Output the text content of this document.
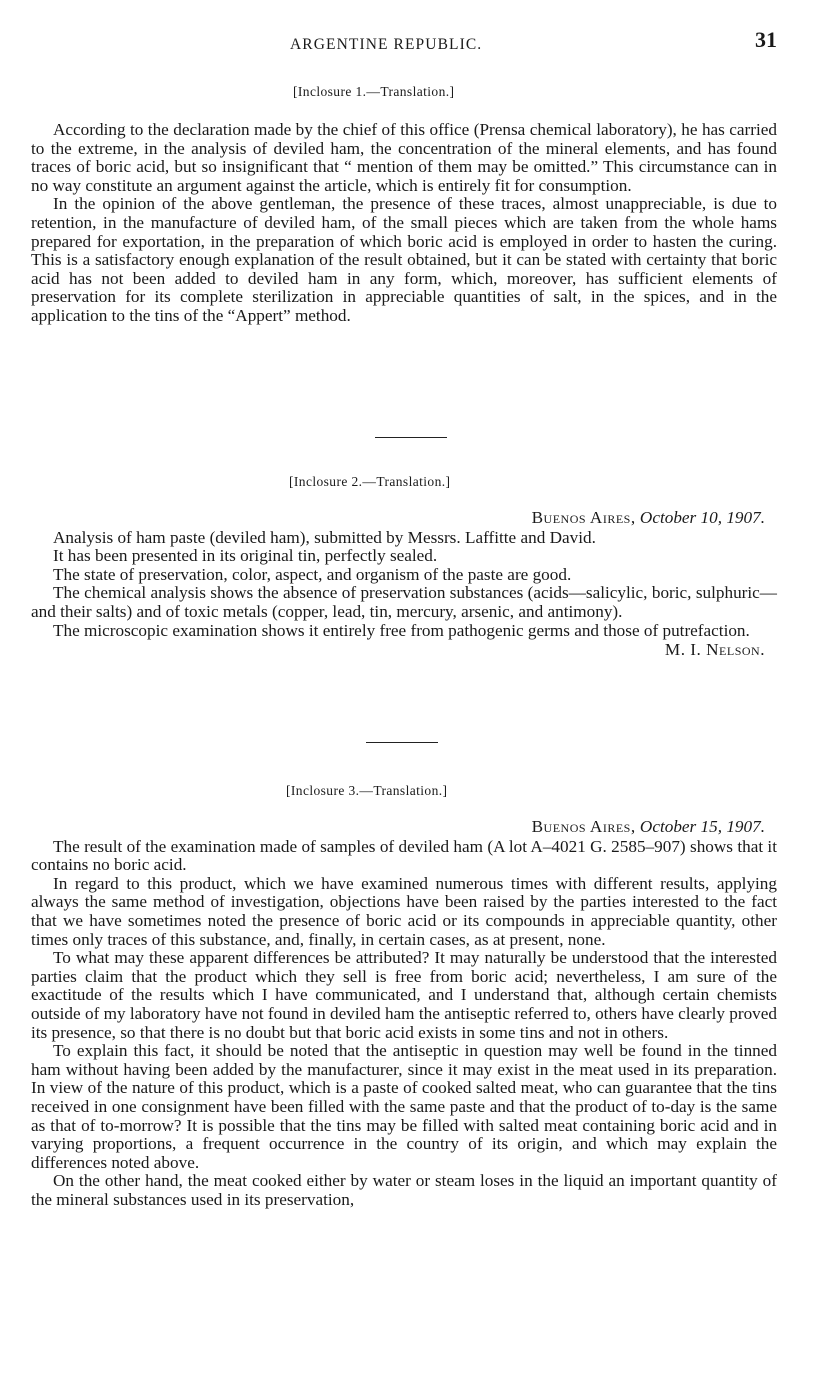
ARGENTINE REPUBLIC.	31
[Inclosure 1.—Translation.]

According to the declaration made by the chief of this office (Prensa chemical laboratory), he has carried to the extreme, in the analysis of deviled ham, the concentration of the mineral elements, and has found traces of boric acid, but so insignificant that “ mention of them may be omitted.” This circumstance can in no way constitute an argument against the article, which is entirely fit for consumption.

In the opinion of the above gentleman, the presence of these traces, almost unappreciable, is due to retention, in the manufacture of deviled ham, of the small pieces which are taken from the whole hams prepared for exportation, in the preparation of which boric acid is employed in order to hasten the curing. This is a satisfactory enough explanation of the result obtained, but it can be stated with certainty that boric acid has not been added to deviled ham in any form, which, moreover, has sufficient elements of preservation for its complete sterilization in appreciable quantities of salt, in the spices, and in the application to the tins of the “Appert” method.

[Inclosure 2.—Translation.]
Buenos Aires, October 10, 1907.

Analysis of ham paste (deviled ham), submitted by Messrs. Laffitte and David.

It has been presented in its original tin, perfectly sealed.

The state of preservation, color, aspect, and organism of the paste are good.

The chemical analysis shows the absence of preservation substances (acids—salicylic, boric, sulphuric—and their salts) and of toxic metals (copper, lead, tin, mercury, arsenic, and antimony).

The microscopic examination shows it entirely free from pathogenic germs and those of putrefaction.

M. I. Nelson.
[Inclosure 3.—Translation.]
Buenos Aires, October 15, 1907.

The result of the examination made of samples of deviled ham (A lot A–4021 G. 2585–907) shows that it contains no boric acid.

In regard to this product, which we have examined numerous times with different results, applying always the same method of investigation, objections have been raised by the parties interested to the fact that we have sometimes noted the presence of boric acid or its compounds in appreciable quantity, other times only traces of this substance, and, finally, in certain cases, as at present, none.

To what may these apparent differences be attributed? It may naturally be understood that the interested parties claim that the product which they sell is free from boric acid; nevertheless, I am sure of the exactitude of the results which I have communicated, and I understand that, although certain chemists outside of my laboratory have not found in deviled ham the antiseptic referred to, others have clearly proved its presence, so that there is no doubt but that boric acid exists in some tins and not in others.

To explain this fact, it should be noted that the antiseptic in question may well be found in the tinned ham without having been added by the manufacturer, since it may exist in the meat used in its preparation. In view of the nature of this product, which is a paste of cooked salted meat, who can guarantee that the tins received in one consignment have been filled with the same paste and that the product of to-day is the same as that of to-morrow? It is possible that the tins may be filled with salted meat containing boric acid and in varying proportions, a frequent occurrence in the country of its origin, and which may explain the differences noted above.

On the other hand, the meat cooked either by water or steam loses in the liquid an important quantity of the mineral substances used in its preservation,
